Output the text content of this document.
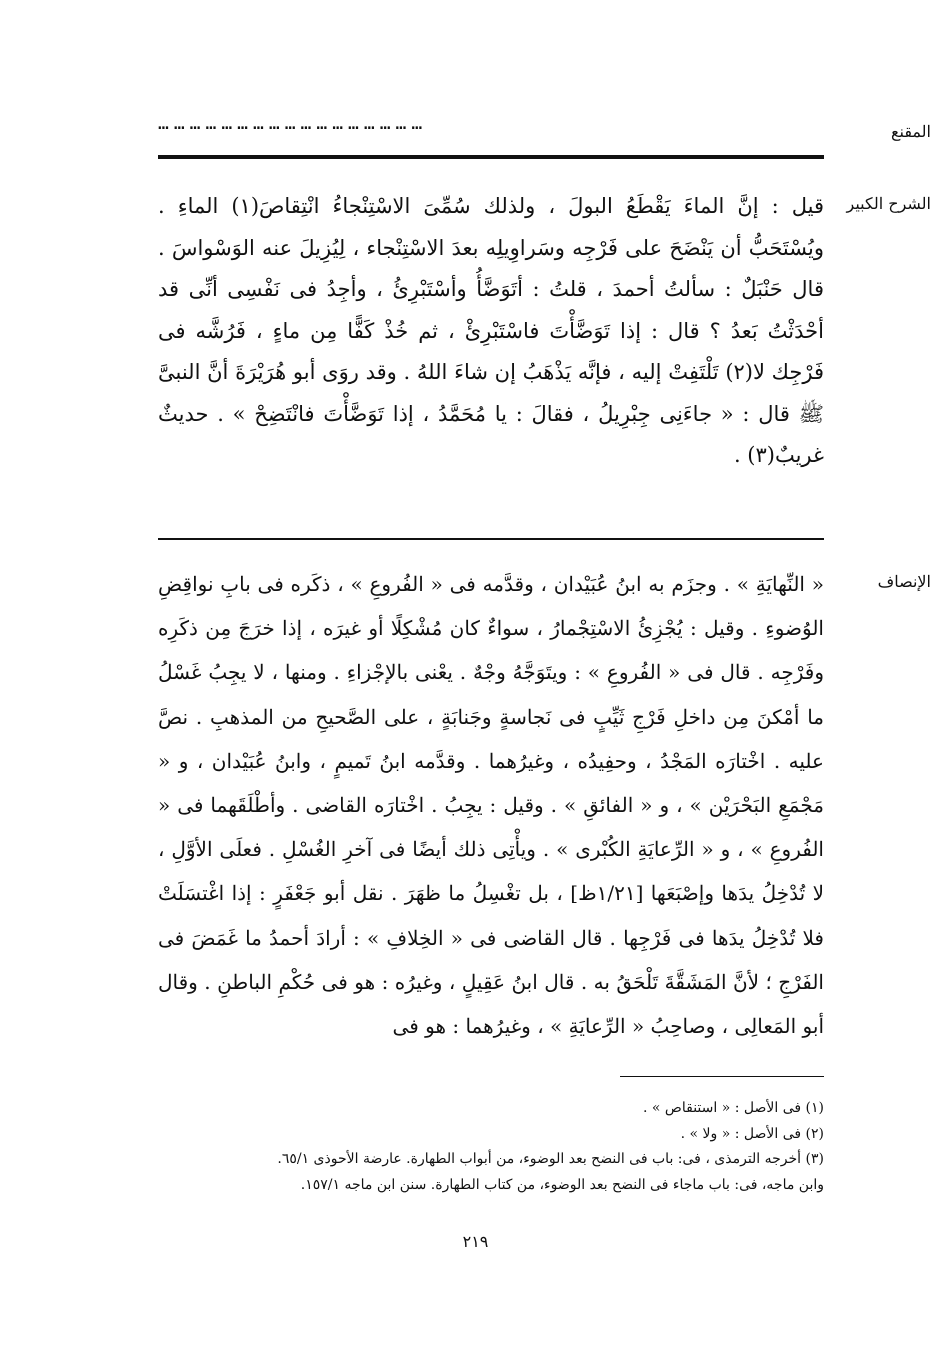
المقنع
……………………………………………
الشرح الكبير

قيل : إنَّ الماءَ يَقْطَعُ البولَ ، ولذلك سُمِّىَ الاسْتِنْجاءُ انْتِقاصَ(١) الماءِ . ويُسْتَحَبُّ أن يَنْضَحَ على فَرْجِه وسَراوِيلِه بعدَ الاسْتِنْجاء ، لِيُزِيلَ عنه الوَسْواسَ . قال حَنْبَلٌ : سألتُ أحمدَ ، قلتُ : أتَوَضَّأُ وأسْتَبْرِئُ ، وأجِدُ فى نَفْسِى أنِّى قد أحْدَثْتُ بَعدُ ؟ قال : إذا تَوَضَّأْتَ فاسْتَبْرِئْ ، ثم خُذْ كَفًّا مِن ماءٍ ، فَرُشَّه فى فَرْجِك لا(٢) تَلْتَفِتْ إليه ، فإنَّه يَذْهَبُ إن شاءَ اللهُ . وقد روَى أبو هُرَيْرَةَ أنَّ النبىَّ ﷺ قال : « جاءَنِى جِبْرِيلُ ، فقالَ : يا مُحَمَّدُ ، إذا تَوَضَّأْتَ فانْتَضِحْ » . حديثٌ غريبٌ(٣) .

الإنصاف

« النِّهايَةِ » . وجزَم به ابنُ عُبَيْدان ، وقدَّمه فى « الفُروعِ » ، ذكَره فى بابِ نواقِضِ الوُضوءِ . وقيل : يُجْزِئُ الاسْتِجْمارُ ، سواءٌ كان مُشْكِلًا أو غيرَه ، إذا خرَجَ مِن ذكَرِه وفَرْجِه . قال فى « الفُروعِ » : ويتَوَجَّهُ وجْهٌ . يعْنى بالإجْزاءِ . ومنها ، لا يجِبُ غَسْلُ ما أمْكنَ مِن داخلِ فَرْجِ ثَيِّبٍ فى نَجاسةٍ وجَنابَةٍ ، على الصَّحيحِ من المذهبِ . نصَّ عليه . اخْتارَه المَجْدُ ، وحفِيدُه ، وغيرُهما . وقدَّمه ابنُ تَميمٍ ، وابنُ عُبَيْدان ، و « مَجْمَعِ البَحْرَيْن » ، و « الفائقِ » . وقيل : يجِبُ . اخْتارَه القاضى . وأطْلَقَهما فى « الفُروعِ » ، و « الرِّعايَةِ الكُبْرى » . ويأْتِى ذلك أيضًا فى آخرِ الغُسْلِ . فعلَى الأوَّلِ ، لا تُدْخِلُ يدَها وإصْبَعَها [١/٢١ظ] ، بل تغْسِلُ ما ظهَرَ . نقل أبو جَعْفَرٍ : إذا اغْتسَلَتْ فلا تُدْخِلُ يدَها فى فَرْجِها . قال القاضى فى « الخِلافِ » : أرادَ أحمدُ ما غَمَضَ فى الفَرْجِ ؛ لأنَّ المَشَقَّةَ تَلْحَقُ به . قال ابنُ عَقِيلٍ ، وغيرُه : هو فى حُكْمِ الباطنِ . وقال أبو المَعالِى ، وصاحِبُ « الرِّعايَةِ » ، وغيرُهما : هو فى

(١) فى الأصل : « استنقاص » .

(٢) فى الأصل : « ولا » .

(٣) أخرجه الترمذى ، فى: باب فى النضح بعد الوضوء، من أبواب الطهارة. عارضة الأحوذى ٦٥/١.

وابن ماجه، فى: باب ماجاء فى النضح بعد الوضوء، من كتاب الطهارة. سنن ابن ماجه ١٥٧/١.

٢١٩
